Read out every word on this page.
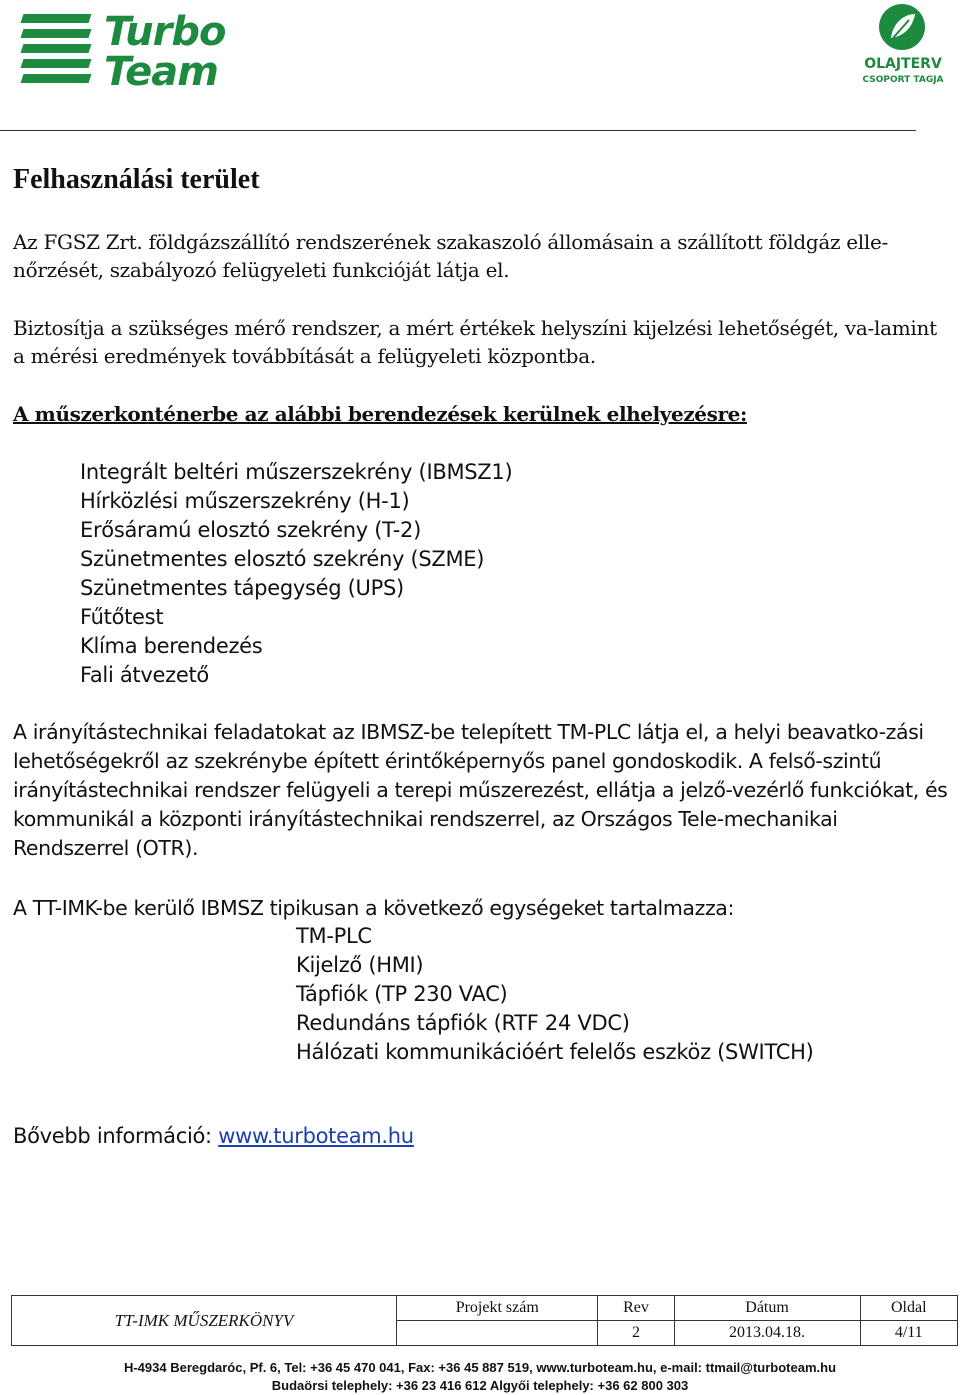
Turbo
Team	OLAJTERV
CSOPORT TAGJA
Felhasználási terület
Az FGSZ Zrt. földgázszállító rendszerének szakaszoló állomásain a szállított földgáz elle-nőrzését, szabályozó felügyeleti funkcióját látja el.
Biztosítja a szükséges mérő rendszer, a mért értékek helyszíni kijelzési lehetőségét, va-lamint a mérési eredmények továbbítását a felügyeleti központba.
A műszerkonténerbe az alábbi berendezések kerülnek elhelyezésre:
Integrált beltéri műszerszekrény (IBMSZ1)
Hírközlési műszerszekrény (H-1)
Erősáramú elosztó szekrény (T-2)
Szünetmentes elosztó szekrény (SZME)
Szünetmentes tápegység (UPS)
Fűtőtest
Klíma berendezés
Fali átvezető
A irányítástechnikai feladatokat az IBMSZ-be telepített TM-PLC látja el, a helyi beavatko-zási lehetőségekről az szekrénybe épített érintőképernyős panel gondoskodik. A felső-szintű irányítástechnikai rendszer felügyeli a terepi műszerezést, ellátja a jelző-vezérlő funkciókat, és kommunikál a központi irányítástechnikai rendszerrel, az Országos Tele-mechanikai Rendszerrel (OTR).
A TT-IMK-be kerülő IBMSZ tipikusan a következő egységeket tartalmazza:
TM-PLC
Kijelző (HMI)
Tápfiók (TP 230 VAC)
Redundáns tápfiók (RTF 24 VDC)
Hálózati kommunikációért felelős eszköz (SWITCH)
Bővebb információ: www.turboteam.hu
TT-IMK MŰSZERKÖNYV	Projekt szám	Rev	Dátum	Oldal
		2	2013.04.18.	4/11
H-4934 Beregdaróc, Pf. 6, Tel: +36 45 470 041, Fax: +36 45 887 519, www.turboteam.hu, e-mail: ttmail@turboteam.hu
Budaörsi telephely: +36 23 416 612 Algyői telephely: +36 62 800 303
